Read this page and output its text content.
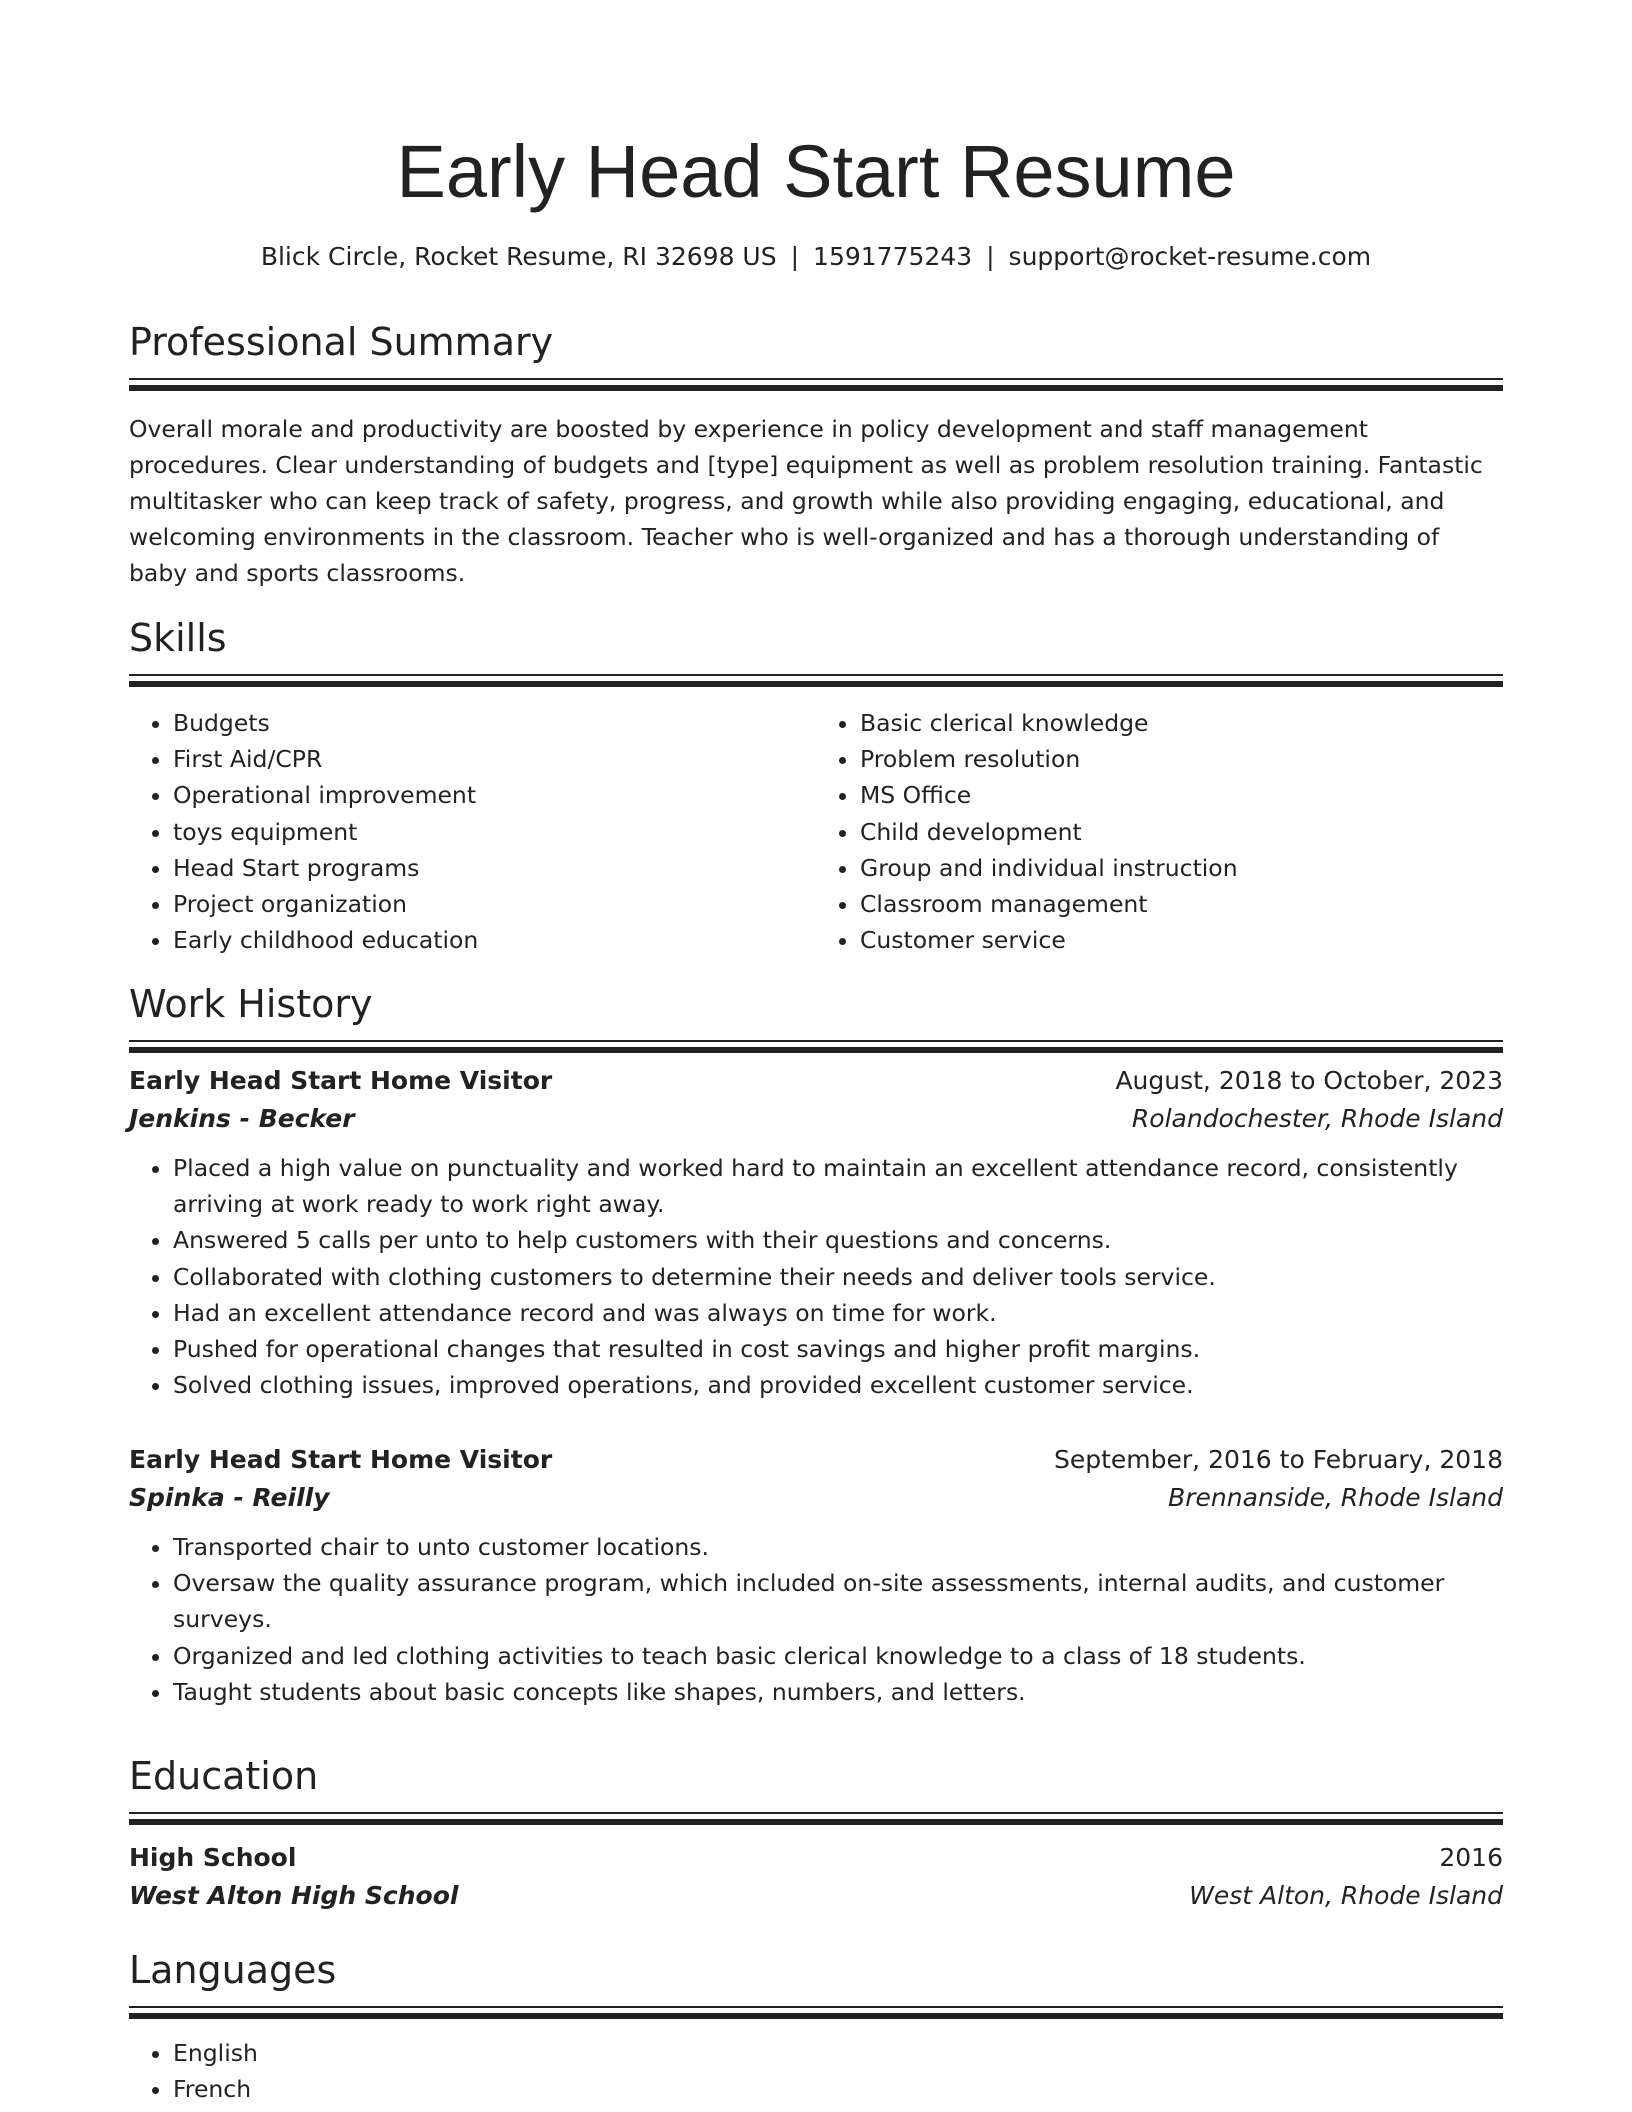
Early Head Start Resume
Blick Circle, Rocket Resume, RI 32698 US | 1591775243 | support@rocket-resume.com
Professional Summary

Overall morale and productivity are boosted by experience in policy development and staff management procedures. Clear understanding of budgets and [type] equipment as well as problem resolution training. Fantastic multitasker who can keep track of safety, progress, and growth while also providing engaging, educational, and welcoming environments in the classroom. Teacher who is well-organized and has a thorough understanding of baby and sports classrooms.

Skills
• Budgets
• First Aid/CPR
• Operational improvement
• toys equipment
• Head Start programs
• Project organization
• Early childhood education
• Basic clerical knowledge
• Problem resolution
• MS Office
• Child development
• Group and individual instruction
• Classroom management
• Customer service
Work History
Early Head Start Home Visitor	August, 2018 to October, 2023
Jenkins - Becker	Rolandochester, Rhode Island
• Placed a high value on punctuality and worked hard to maintain an excellent attendance record, consistently arriving at work ready to work right away.
• Answered 5 calls per unto to help customers with their questions and concerns.
• Collaborated with clothing customers to determine their needs and deliver tools service.
• Had an excellent attendance record and was always on time for work.
• Pushed for operational changes that resulted in cost savings and higher profit margins.
• Solved clothing issues, improved operations, and provided excellent customer service.
Early Head Start Home Visitor	September, 2016 to February, 2018
Spinka - Reilly	Brennanside, Rhode Island
• Transported chair to unto customer locations.
• Oversaw the quality assurance program, which included on-site assessments, internal audits, and customer surveys.
• Organized and led clothing activities to teach basic clerical knowledge to a class of 18 students.
• Taught students about basic concepts like shapes, numbers, and letters.
Education
High School	2016
West Alton High School	West Alton, Rhode Island
Languages
• English
• French
